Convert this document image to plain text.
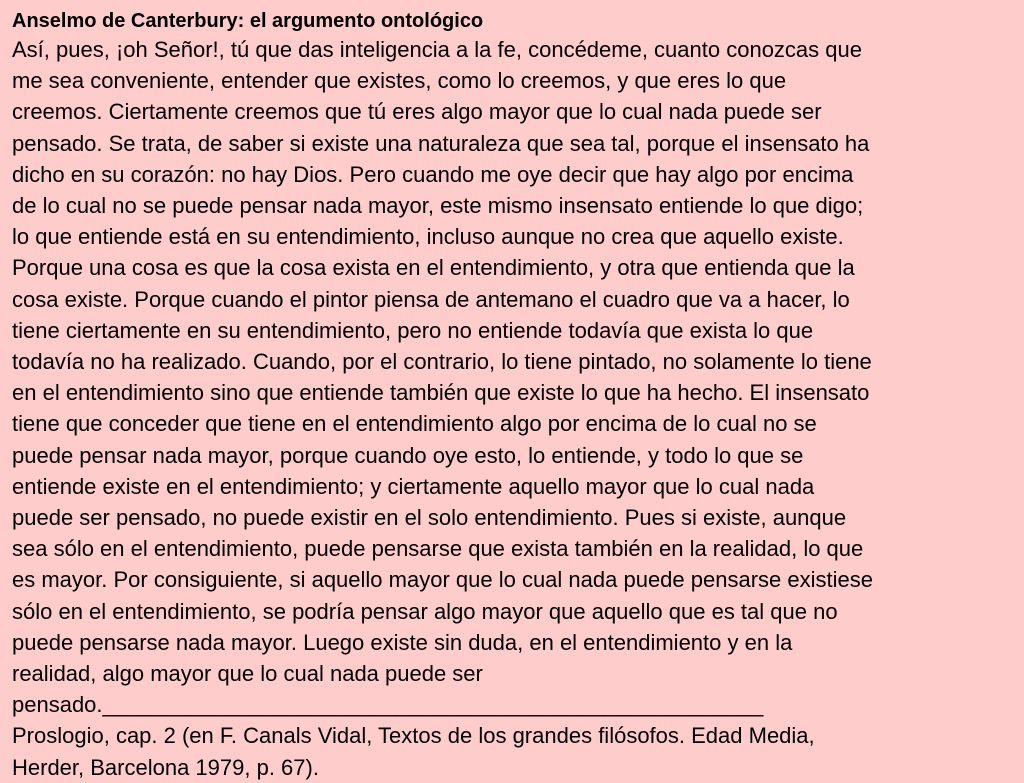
Anselmo de Canterbury: el argumento ontológico

Así, pues, ¡oh Señor!, tú que das inteligencia a la fe, concédeme, cuanto conozcas que
me sea conveniente, entender que existes, como lo creemos, y que eres lo que
creemos. Ciertamente creemos que tú eres algo mayor que lo cual nada puede ser
pensado. Se trata, de saber si existe una naturaleza que sea tal, porque el insensato ha
dicho en su corazón: no hay Dios. Pero cuando me oye decir que hay algo por encima
de lo cual no se puede pensar nada mayor, este mismo insensato entiende lo que digo;
lo que entiende está en su entendimiento, incluso aunque no crea que aquello existe.
Porque una cosa es que la cosa exista en el entendimiento, y otra que entienda que la
cosa existe. Porque cuando el pintor piensa de antemano el cuadro que va a hacer, lo
tiene ciertamente en su entendimiento, pero no entiende todavía que exista lo que
todavía no ha realizado. Cuando, por el contrario, lo tiene pintado, no solamente lo tiene
en el entendimiento sino que entiende también que existe lo que ha hecho. El insensato
tiene que conceder que tiene en el entendimiento algo por encima de lo cual no se
puede pensar nada mayor, porque cuando oye esto, lo entiende, y todo lo que se
entiende existe en el entendimiento; y ciertamente aquello mayor que lo cual nada
puede ser pensado, no puede existir en el solo entendimiento. Pues si existe, aunque
sea sólo en el entendimiento, puede pensarse que exista también en la realidad, lo que
es mayor. Por consiguiente, si aquello mayor que lo cual nada puede pensarse existiese
sólo en el entendimiento, se podría pensar algo mayor que aquello que es tal que no
puede pensarse nada mayor. Luego existe sin duda, en el entendimiento y en la
realidad, algo mayor que lo cual nada puede ser
pensado.______________________________________________________

Proslogio, cap. 2 (en F. Canals Vidal, Textos de los grandes filósofos. Edad Media,
Herder, Barcelona 1979, p. 67).
